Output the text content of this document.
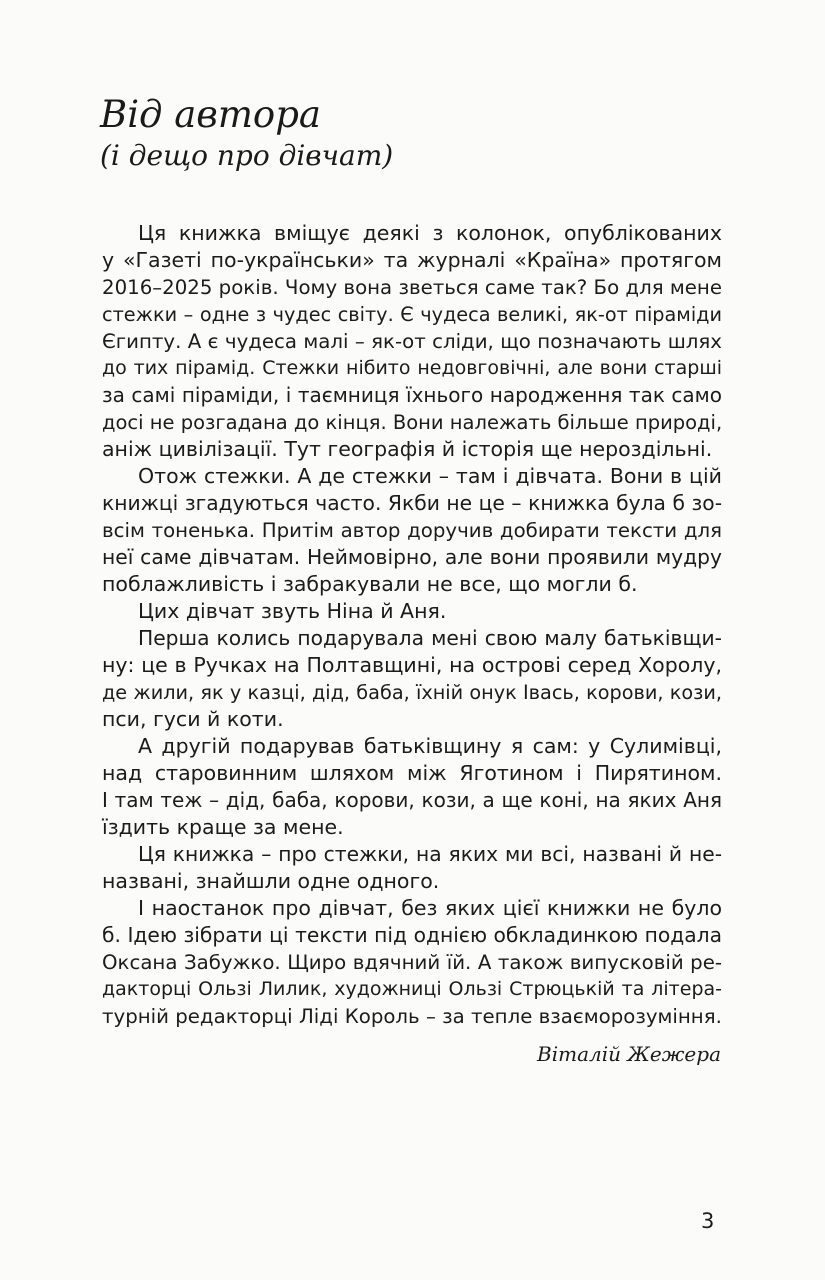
Від автора
(і дещо про дівчат)
Ця книжка вміщує деякі з колонок, опублікованих
у «Газеті по-українськи» та журналі «Країна» протягом
2016–2025 років. Чому вона зветься саме так? Бо для мене
стежки – одне з чудес світу. Є чудеса великі, як-от піраміди
Єгипту. А є чудеса малі – як-от сліди, що позначають шлях
до тих пірамід. Стежки нібито недовговічні, але вони старші
за самі піраміди, і таємниця їхнього народження так само
досі не розгадана до кінця. Вони належать більше природі,
аніж цивілізації. Тут географія й історія ще нероздільні.
Отож стежки. А де стежки – там і дівчата. Вони в цій
книжці згадуються часто. Якби не це – книжка була б зо-
всім тоненька. Притім автор доручив добирати тексти для
неї саме дівчатам. Неймовірно, але вони проявили мудру
поблажливість і забракували не все, що могли б.
Цих дівчат звуть Ніна й Аня.
Перша колись подарувала мені свою малу батьківщи-
ну: це в Ручках на Полтавщині, на острові серед Хоролу,
де жили, як у казці, дід, баба, їхній онук Івась, корови, кози,
пси, гуси й коти.
А другій подарував батьківщину я сам: у Сулимівці,
над старовинним шляхом між Яготином і Пирятином.
І там теж – дід, баба, корови, кози, а ще коні, на яких Аня
їздить краще за мене.
Ця книжка – про стежки, на яких ми всі, названі й не-
названі, знайшли одне одного.
І наостанок про дівчат, без яких цієї книжки не було
б. Ідею зібрати ці тексти під однією обкладинкою подала
Оксана Забужко. Щиро вдячний їй. А також випусковій ре-
дакторці Ользі Лилик, художниці Ользі Стрюцькій та літера-
турній редакторці Ліді Король – за тепле взаєморозуміння.

Віталій Жежера

3
